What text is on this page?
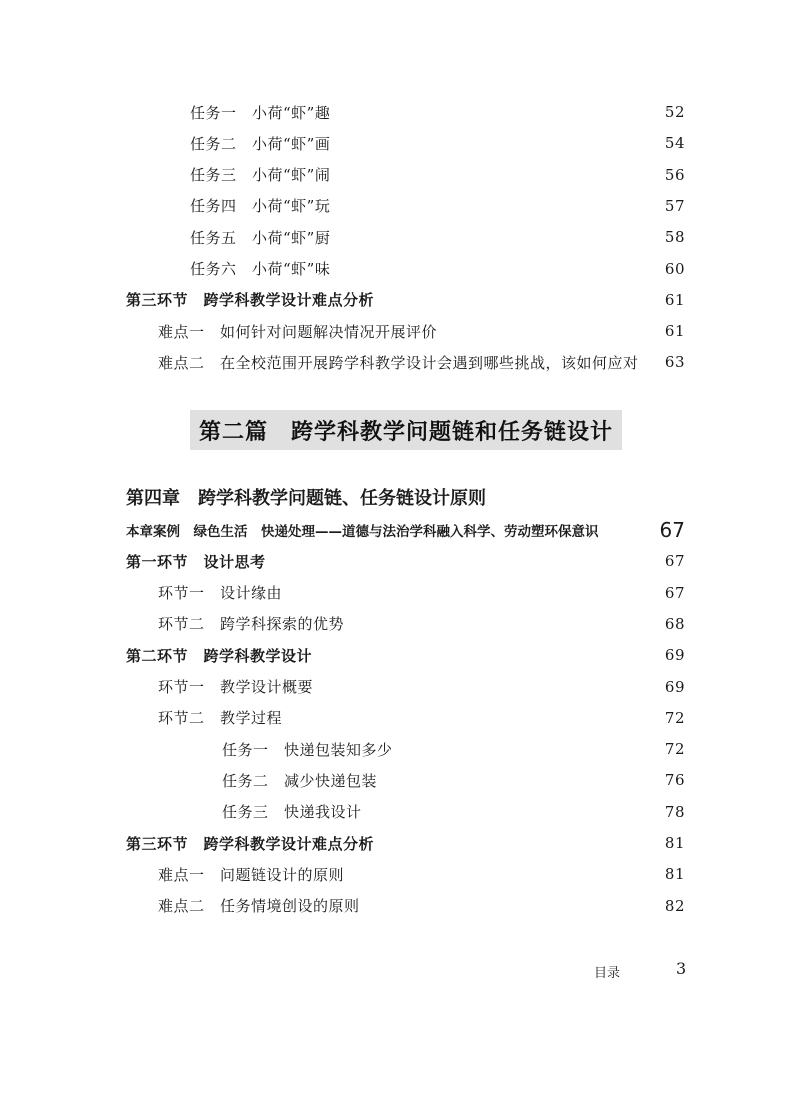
任务一　小荷“虾”趣	52
任务二　小荷“虾”画	54
任务三　小荷“虾”闹	56
任务四　小荷“虾”玩	57
任务五　小荷“虾”厨	58
任务六　小荷“虾”味	60
第三环节　跨学科教学设计难点分析	61
难点一　如何针对问题解决情况开展评价	61
难点二　在全校范围开展跨学科教学设计会遇到哪些挑战，该如何应对	63
第二篇　跨学科教学问题链和任务链设计
第四章　跨学科教学问题链、任务链设计原则
本章案例　绿色生活　快递处理——道德与法治学科融入科学、劳动塑环保意识	67
第一环节　设计思考	67
环节一　设计缘由	67
环节二　跨学科探索的优势	68
第二环节　跨学科教学设计	69
环节一　教学设计概要	69
环节二　教学过程	72
任务一　快递包装知多少	72
任务二　减少快递包装	76
任务三　快递我设计	78
第三环节　跨学科教学设计难点分析	81
难点一　问题链设计的原则	81
难点二　任务情境创设的原则	82
目录	3
